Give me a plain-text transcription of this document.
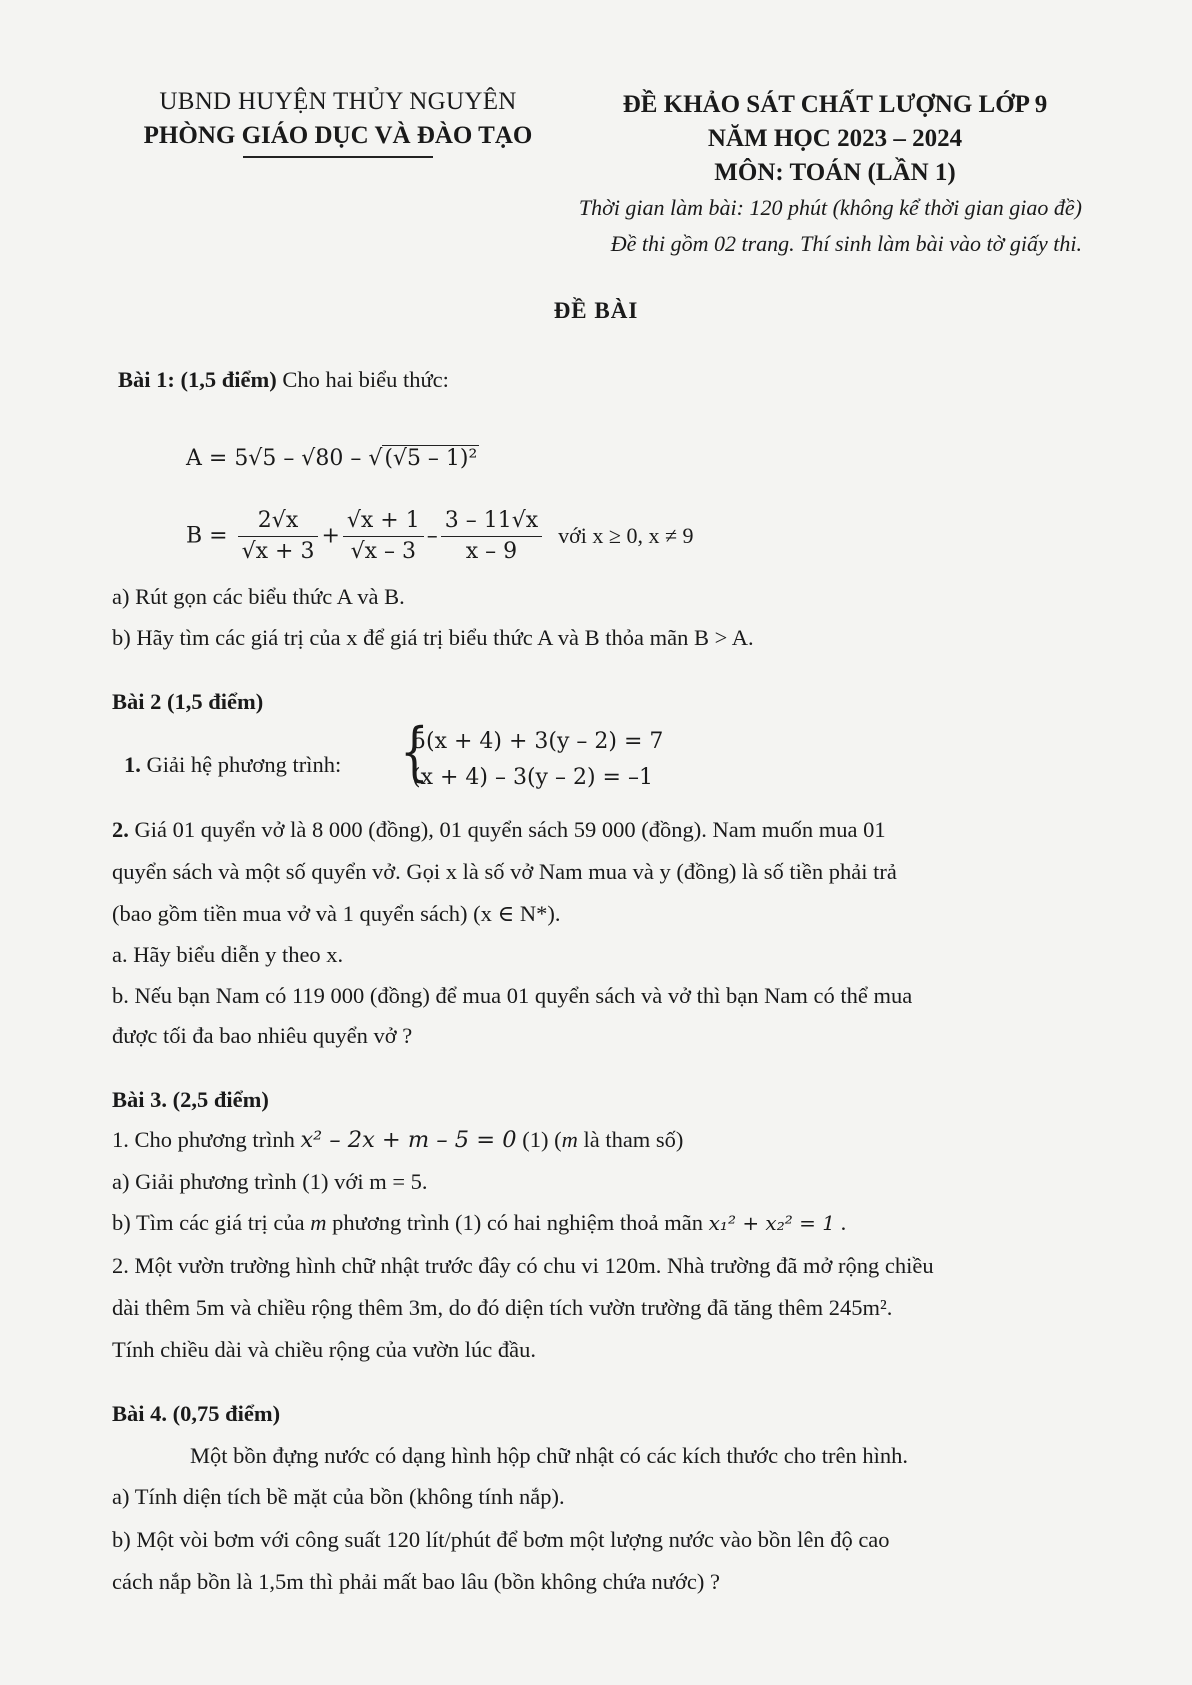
UBND HUYỆN THỦY NGUYÊN
PHÒNG GIÁO DỤC VÀ ĐÀO TẠO
ĐỀ KHẢO SÁT CHẤT LƯỢNG LỚP 9
NĂM HỌC 2023 – 2024
MÔN: TOÁN (LẦN 1)
Thời gian làm bài: 120 phút (không kể thời gian giao đề)
Đề thi gồm 02 trang. Thí sinh làm bài vào tờ giấy thi.
ĐỀ BÀI
Bài 1: (1,5 điểm) Cho hai biểu thức:
A = 5√5 – √80 – √(√5 – 1)²
$B = \frac{2√x}{√x + 3} + \frac{√x + 1}{√x - 3} - \frac{3 - 11√x}{x - 9}$ với x ≥ 0, x ≠ 9
a) Rút gọn các biểu thức A và B.
b) Hãy tìm các giá trị của x để giá trị biểu thức A và B thỏa mãn B > A.
Bài 2 (1,5 điểm)
1. Giải hệ phương trình: {
5(x + 4) + 3(y – 2) = 7
(x + 4) – 3(y – 2) = –1
2. Giá 01 quyển vở là 8 000 (đồng), 01 quyển sách 59 000 (đồng). Nam muốn mua 01
quyển sách và một số quyển vở. Gọi x là số vở Nam mua và y (đồng) là số tiền phải trả
(bao gồm tiền mua vở và 1 quyển sách) (x ∈ N*).
a. Hãy biểu diễn y theo x.
b. Nếu bạn Nam có 119 000 (đồng) để mua 01 quyển sách và vở thì bạn Nam có thể mua
được tối đa bao nhiêu quyển vở ?
Bài 3. (2,5 điểm)
1. Cho phương trình x² – 2x + m – 5 = 0 (1) (m là tham số)
a) Giải phương trình (1) với m = 5.
b) Tìm các giá trị của m phương trình (1) có hai nghiệm thoả mãn x₁² + x₂² = 1 .
2. Một vườn trường hình chữ nhật trước đây có chu vi 120m. Nhà trường đã mở rộng chiều
dài thêm 5m và chiều rộng thêm 3m, do đó diện tích vườn trường đã tăng thêm 245m².
Tính chiều dài và chiều rộng của vườn lúc đầu.
Bài 4. (0,75 điểm)
Một bồn đựng nước có dạng hình hộp chữ nhật có các kích thước cho trên hình.
a) Tính diện tích bề mặt của bồn (không tính nắp).
b) Một vòi bơm với công suất 120 lít/phút để bơm một lượng nước vào bồn lên độ cao
cách nắp bồn là 1,5m thì phải mất bao lâu (bồn không chứa nước) ?
